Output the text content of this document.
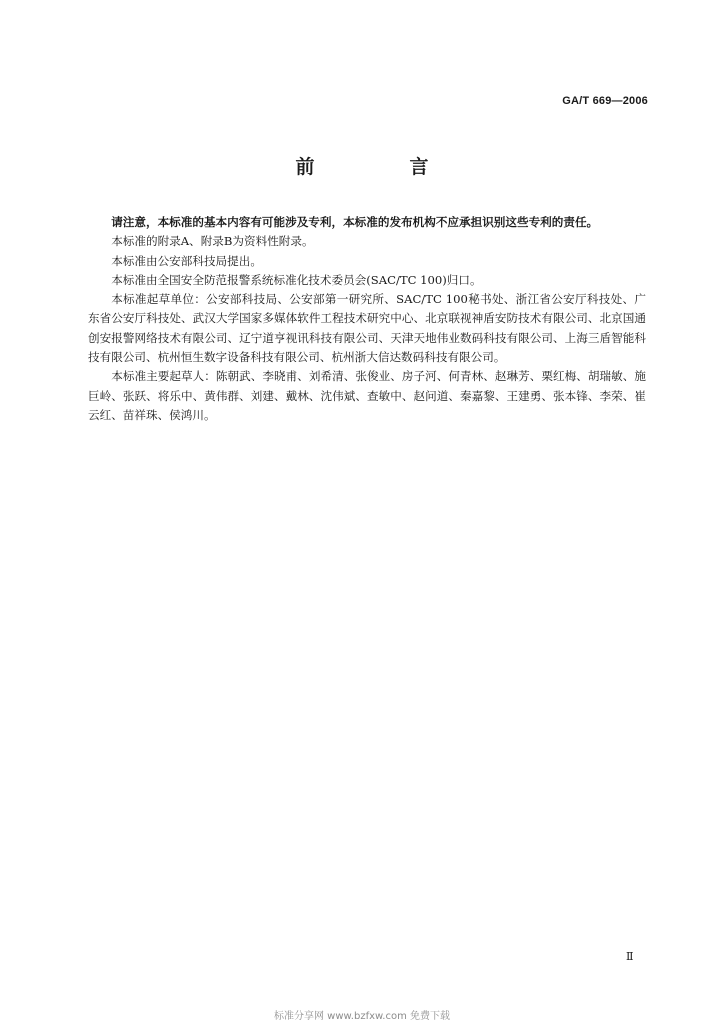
GA/T 669—2006
前　言

请注意，本标准的基本内容有可能涉及专利，本标准的发布机构不应承担识别这些专利的责任。

本标准的附录A、附录B为资料性附录。

本标准由公安部科技局提出。

本标准由全国安全防范报警系统标准化技术委员会(SAC/TC 100)归口。

本标准起草单位：公安部科技局、公安部第一研究所、SAC/TC 100秘书处、浙江省公安厅科技处、广东省公安厅科技处、武汉大学国家多媒体软件工程技术研究中心、北京联视神盾安防技术有限公司、北京国通创安报警网络技术有限公司、辽宁道亨视讯科技有限公司、天津天地伟业数码科技有限公司、上海三盾智能科技有限公司、杭州恒生数字设备科技有限公司、杭州浙大信达数码科技有限公司。

本标准主要起草人：陈朝武、李晓甫、刘希清、张俊业、房子河、何青林、赵琳芳、栗红梅、胡瑞敏、施巨岭、张跃、将乐中、黄伟群、刘建、戴林、沈伟斌、查敏中、赵问道、秦嘉黎、王建勇、张本锋、李荣、崔云红、苗祥珠、侯鸿川。

Ⅱ
标准分享网 www.bzfxw.com 免费下载
